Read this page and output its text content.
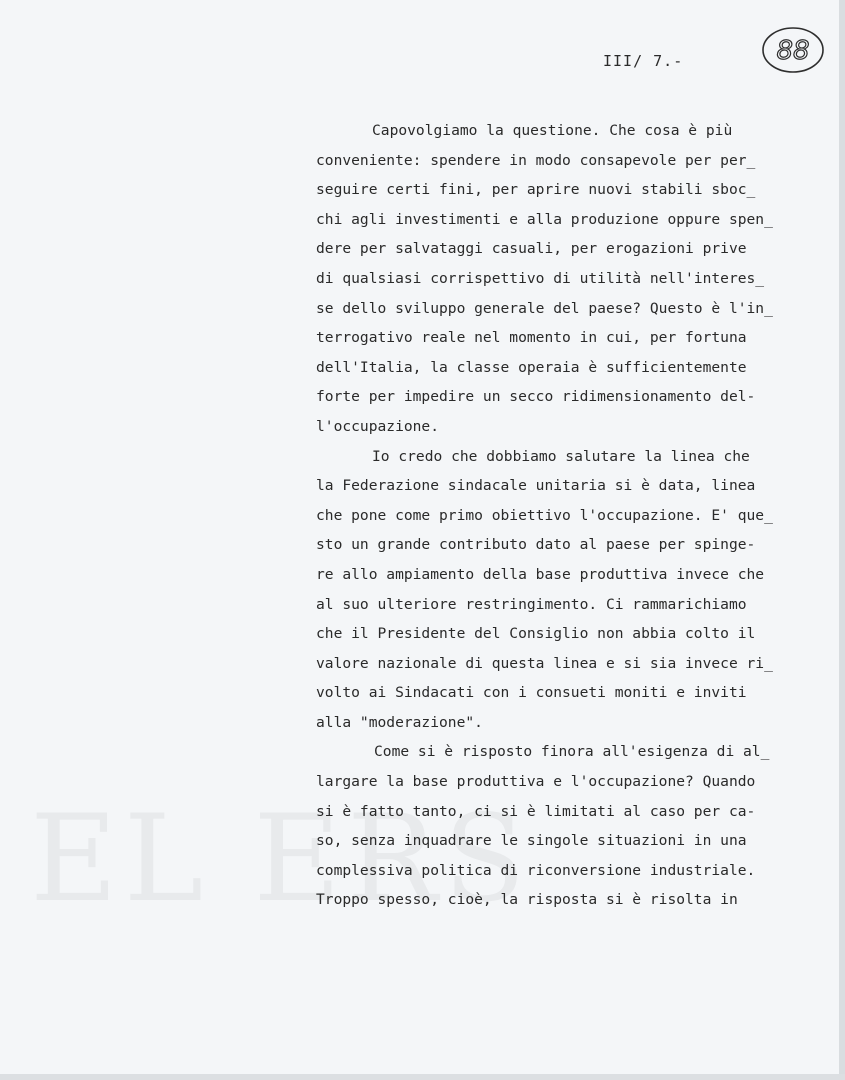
III/ 7.-	88
Capovolgiamo la questione. Che cosa è più
conveniente: spendere in modo consapevole per per_
seguire certi fini, per aprire nuovi stabili sboc_
chi agli investimenti e alla produzione oppure spen_
dere per salvataggi casuali, per erogazioni prive
di qualsiasi corrispettivo di utilità nell'interes_
se dello sviluppo generale del paese? Questo è l'in_
terrogativo reale nel momento in cui, per fortuna
dell'Italia, la classe operaia è sufficientemente
forte per impedire un secco ridimensionamento del-
l'occupazione.
Io credo che dobbiamo salutare la linea che
la Federazione sindacale unitaria si è data, linea
che pone come primo obiettivo l'occupazione. E' que_
sto un grande contributo dato al paese per spinge-
re allo ampiamento della base produttiva invece che
al suo ulteriore restringimento. Ci rammarichiamo
che il Presidente del Consiglio non abbia colto il
valore nazionale di questa linea e si sia invece ri_
volto ai Sindacati con i consueti moniti e inviti
alla "moderazione".
Come si è risposto finora all'esigenza di al_
largare la base produttiva e l'occupazione? Quando
si è fatto tanto, ci si è limitati al caso per ca-
so, senza inquadrare le singole situazioni in una
complessiva politica di riconversione industriale.
Troppo spesso, cioè, la risposta si è risolta in
